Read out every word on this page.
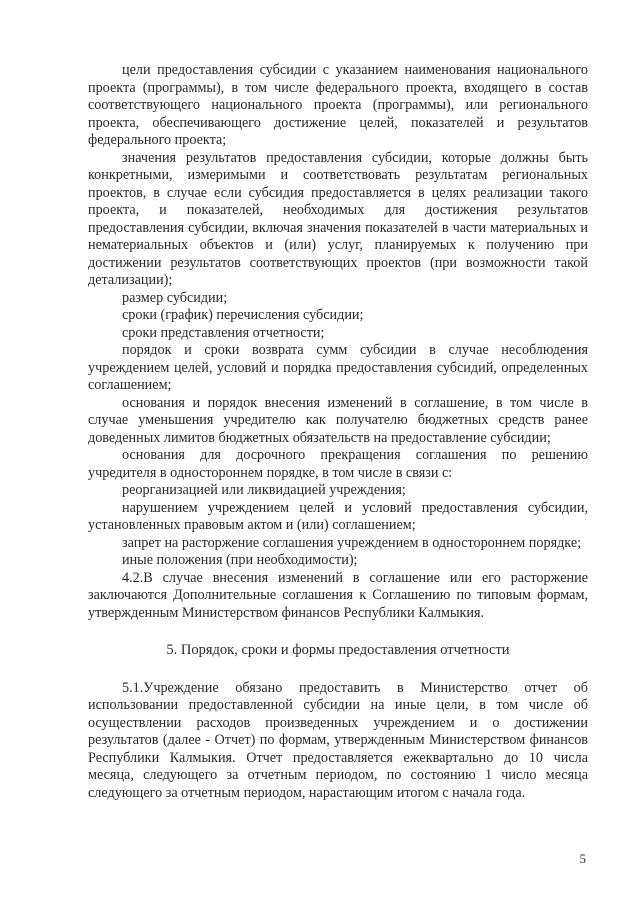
цели предоставления субсидии с указанием наименования национального проекта (программы), в том числе федерального проекта, входящего в состав соответствующего национального проекта (программы), или регионального проекта, обеспечивающего достижение целей, показателей и результатов федерального проекта;

значения результатов предоставления субсидии, которые должны быть конкретными, измеримыми и соответствовать результатам региональных проектов, в случае если субсидия предоставляется в целях реализации такого проекта, и показателей, необходимых для достижения результатов предоставления субсидии, включая значения показателей в части материальных и нематериальных объектов и (или) услуг, планируемых к получению при достижении результатов соответствующих проектов (при возможности такой детализации);

размер субсидии;

сроки (график) перечисления субсидии;

сроки представления отчетности;

порядок и сроки возврата сумм субсидии в случае несоблюдения учреждением целей, условий и порядка предоставления субсидий, определенных соглашением;

основания и порядок внесения изменений в соглашение, в том числе в случае уменьшения учредителю как получателю бюджетных средств ранее доведенных лимитов бюджетных обязательств на предоставление субсидии;

основания для досрочного прекращения соглашения по решению учредителя в одностороннем порядке, в том числе в связи с:

реорганизацией или ликвидацией учреждения;

нарушением учреждением целей и условий предоставления субсидии, установленных правовым актом и (или) соглашением;

запрет на расторжение соглашения учреждением в одностороннем порядке;

иные положения (при необходимости);

4.2.В случае внесения изменений в соглашение или его расторжение заключаются Дополнительные соглашения к Соглашению по типовым формам, утвержденным Министерством финансов Республики Калмыкия.

5. Порядок, сроки и формы предоставления отчетности

5.1.Учреждение обязано предоставить в Министерство отчет об использовании предоставленной субсидии на иные цели, в том числе об осуществлении расходов произведенных учреждением и о достижении результатов (далее - Отчет) по формам, утвержденным Министерством финансов Республики Калмыкия. Отчет предоставляется ежеквартально до 10 числа месяца, следующего за отчетным периодом, по состоянию 1 число месяца следующего за отчетным периодом, нарастающим итогом с начала года.

5
